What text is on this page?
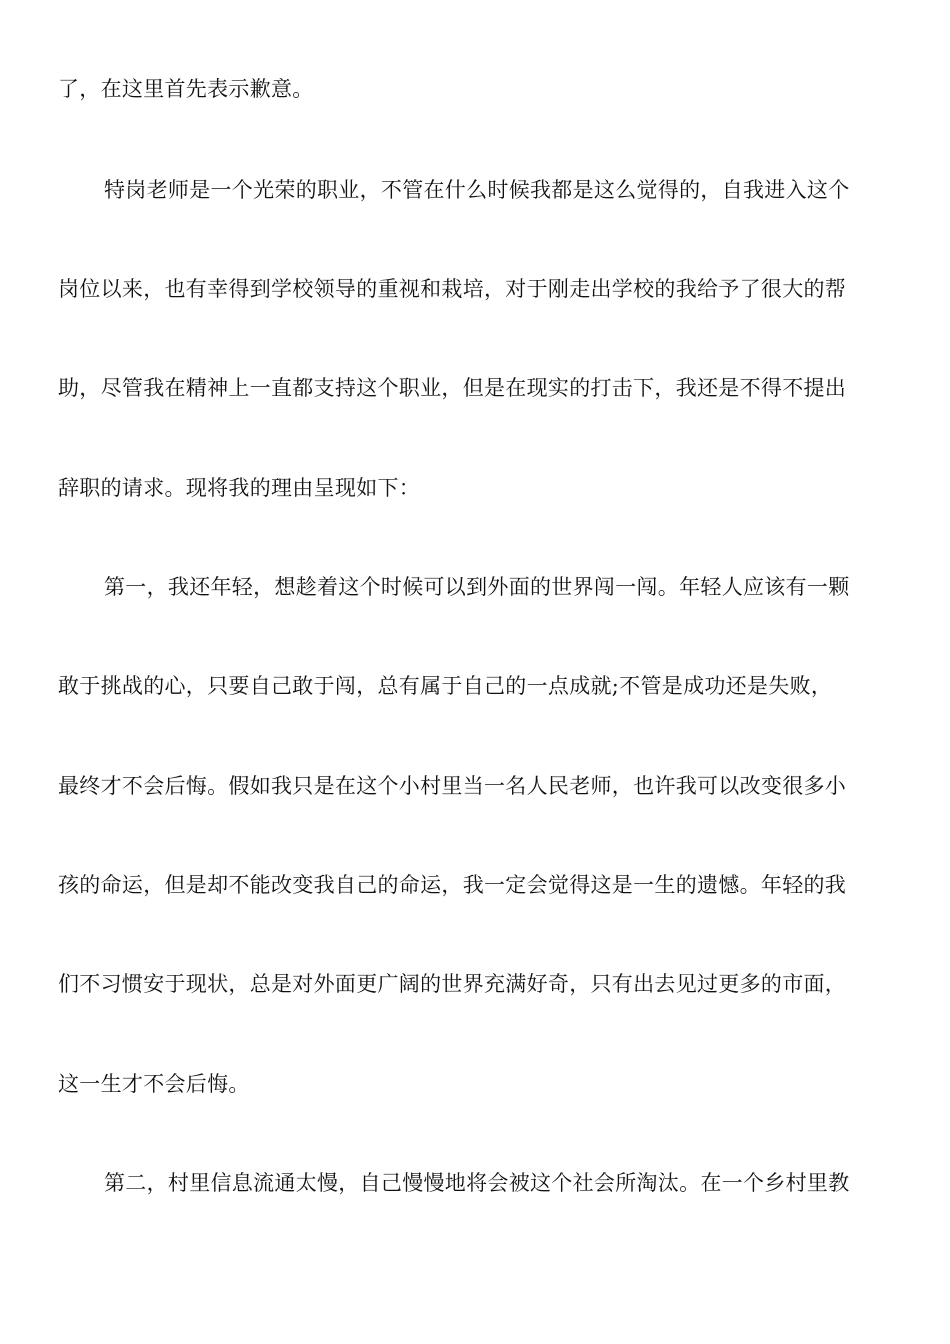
了，在这里首先表示歉意。
特岗老师是一个光荣的职业，不管在什么时候我都是这么觉得的，自我进入这个
岗位以来，也有幸得到学校领导的重视和栽培，对于刚走出学校的我给予了很大的帮
助，尽管我在精神上一直都支持这个职业，但是在现实的打击下，我还是不得不提出
辞职的请求。现将我的理由呈现如下：
第一，我还年轻，想趁着这个时候可以到外面的世界闯一闯。年轻人应该有一颗
敢于挑战的心，只要自己敢于闯，总有属于自己的一点成就;不管是成功还是失败，
最终才不会后悔。假如我只是在这个小村里当一名人民老师，也许我可以改变很多小
孩的命运，但是却不能改变我自己的命运，我一定会觉得这是一生的遗憾。年轻的我
们不习惯安于现状，总是对外面更广阔的世界充满好奇，只有出去见过更多的市面，
这一生才不会后悔。
第二，村里信息流通太慢，自己慢慢地将会被这个社会所淘汰。在一个乡村里教
